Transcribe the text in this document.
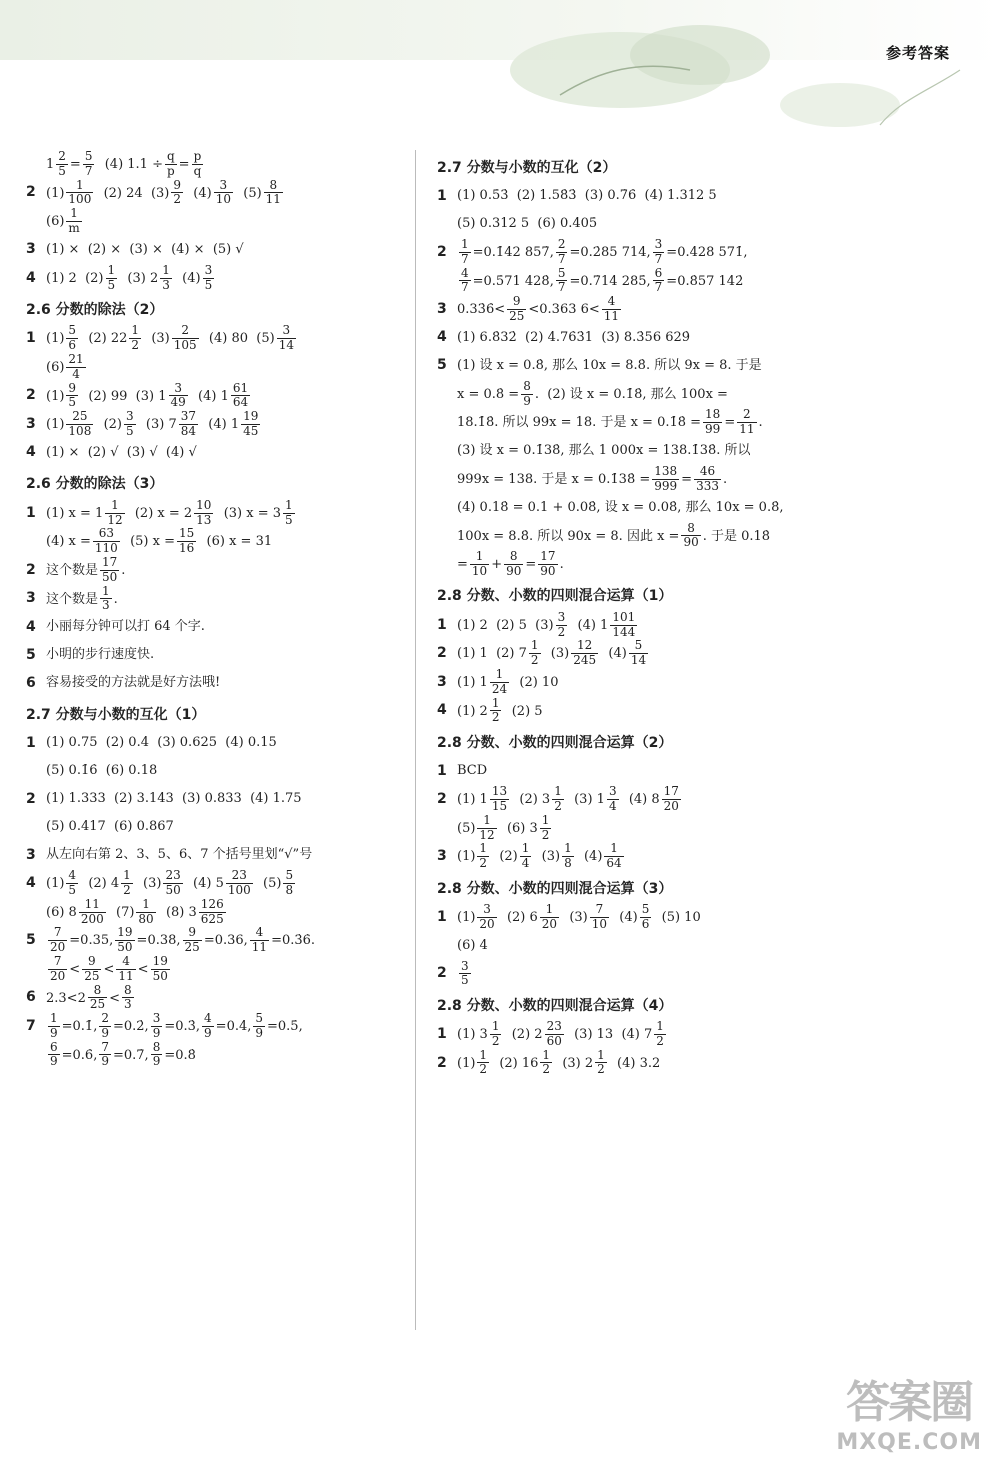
参考答案
$1 \frac{2}{5} = \frac{5}{7} (4) 1.1 \div \frac{q}{p} = \frac{p}{q}$
2 $(1) \frac{1}{100} (2)$ 24  $(3) \frac{9}{2} (4) \frac{3}{10} (5) \frac{8}{11}$
$(6) \frac{1}{m}$
3 (1) ×  (2) ×  (3) ×  (4) ×  (5) √
4 (1) 2  $(2) \frac{1}{5} (3)$ $2 \frac{1}{3} (4) \frac{3}{5}$
2.6 分数的除法（2）
1 $(1) \frac{5}{6} (2)$ $22 \frac{1}{2} (3) \frac{2}{105} (4)$ 80  $(5) \frac{3}{14}$
$(6) \frac{21}{4}$
2 $(1) \frac{9}{5} (2)$ 99  (3) $1 \frac{3}{49} (4)$ $1 \frac{61}{64}$
3 $(1) \frac{25}{108} (2) \frac{3}{5} (3)$ $7 \frac{37}{84} (4)$ $1 \frac{19}{45}$
4 (1) ×  (2) √  (3) √  (4) √
2.6 分数的除法（3）
1 (1) $x = 1 \frac{1}{12} (2) x = 2 \frac{10}{13} (3) x = 3 \frac{1}{5}$
(4) $x = \frac{63}{110} (5) x = \frac{15}{16} (6) x = 31$
2 这个数是 $\frac{17}{50}$ .
3 这个数是 $\frac{1}{3}$ .
4 小丽每分钟可以打 64 个字.
5 小明的步行速度快.
6 容易接受的方法就是好方法哦!
2.7 分数与小数的互化（1）
1 (1) 0.75  (2) 0.4  (3) 0.625  (4) 0.15
(5) 0.1̇6̇  (6) 0.18
2 (1) 1.333  (2) 3.143  (3) 0.833  (4) 1.75
(5) 0.417  (6) 0.867
3 从左向右第 2、3、5、6、7 个括号里划“√”号
4 $(1) \frac{4}{5} (2)$ $4 \frac{1}{2} (3) \frac{23}{50} (4)$ $5 \frac{23}{100} (5) \frac{5}{8}$
(6) $8 \frac{11}{200} (7) \frac{1}{80} (8)$ $3 \frac{126}{625}$
5	$\frac{7}{20} =0.35$, $\frac{19}{50} =0.38$, $\frac{9}{25} =0.36$, $\frac{4}{11}$ =0.3̇6̇.
$\frac{7}{20} < \frac{9}{25} < \frac{4}{11} < \frac{19}{50}$
6 $2.3<2 \frac{8}{25} < \frac{8}{3}$
7	$\frac{1}{9}$ =0.1̇, $\frac{2}{9}$ =0.2̇, $\frac{3}{9}$ =0.3̇, $\frac{4}{9}$ =0.4̇, $\frac{5}{9}$ =0.5̇,
$\frac{6}{9}$ =0.6̇, $\frac{7}{9}$ =0.7̇, $\frac{8}{9}$ =0.8̇
2.7 分数与小数的互化（2）
1 (1) 0.5̇3̇  (2) 1.58̇3̇  (3) 0.7̇6̇  (4) 1.312 5
(5) 0.312 5  (6) 0.4̇05̇
2	$\frac{1}{7}$ =0.1̇42 857̇, $\frac{2}{7}$ =0.2̇85 714̇, $\frac{3}{7}$ =0.4̇28 571̇,
$\frac{4}{7}$ =0.5̇71 428̇, $\frac{5}{7}$ =0.7̇14 285̇, $\frac{6}{7}$ =0.8̇57 142̇
3 0.33̇6̇< $\frac{9}{25} <0.363$ $6< \frac{4}{11}$
4 (1) 6.8̇32̇  (2) 4.76̇3̇1  (3) 8.3̇56 629̇
5 (1) 设 x = 0.8̇, 那么 10x = 8.8̇. 所以 9x = 8. 于是
x = 0.8̇ = $\frac{8}{9}$ .  (2) 设 x = 0.1̇8̇, 那么 100x =
18.1̇8̇. 所以 99x = 18. 于是 x = 0.1̇8̇ = $\frac{18}{99} = \frac{2}{11}$ .
(3) 设 x = 0.1̇38̇, 那么 1 000x = 138.1̇38̇. 所以
999x = 138. 于是 x = 0.1̇38̇ = $\frac{138}{999} = \frac{46}{333}$ .
(4) 0.18̇ = 0.1 + 0.08̇, 设 x = 0.08̇, 那么 10x = 0.8̇,
100x = 8.8̇. 所以 90x = 8. 因此 $x = \frac{8}{90}$ . 于是 0.18̇
= $\frac{1}{10} + \frac{8}{90} = \frac{17}{90}$ .
2.8 分数、小数的四则混合运算（1）
1 (1) 2  (2) 5  $(3) \frac{3}{2} (4)$ $1 \frac{101}{144}$
2 (1) 1  (2) $7 \frac{1}{2} (3) \frac{12}{245} (4) \frac{5}{14}$
3 (1) $1 \frac{1}{24} (2)$ 10
4 (1) $2 \frac{1}{2} (2)$ 5
2.8 分数、小数的四则混合运算（2）
1 BCD
2 (1) $1 \frac{13}{15} (2)$ $3 \frac{1}{2} (3)$ $1 \frac{3}{4} (4)$ $8 \frac{17}{20}$
$(5) \frac{1}{12} (6)$ $3 \frac{1}{2}$
3 $(1) \frac{1}{2} (2) \frac{1}{4} (3) \frac{1}{8} (4) \frac{1}{64}$
2.8 分数、小数的四则混合运算（3）
1 $(1) \frac{3}{20} (2)$ $6 \frac{1}{20} (3) \frac{7}{10} (4) \frac{5}{6} (5)$ 10
(6) 4
2	$\frac{3}{5}$
2.8 分数、小数的四则混合运算（4）
1 (1) $3 \frac{1}{2} (2)$ $2 \frac{23}{60} (3)$ 13  (4) $7 \frac{1}{2}$
2 $(1) \frac{1}{2} (2)$ $16 \frac{1}{2} (3)$ $2 \frac{1}{2} (4)$ 3.2
答案圈
MXQE.COM
